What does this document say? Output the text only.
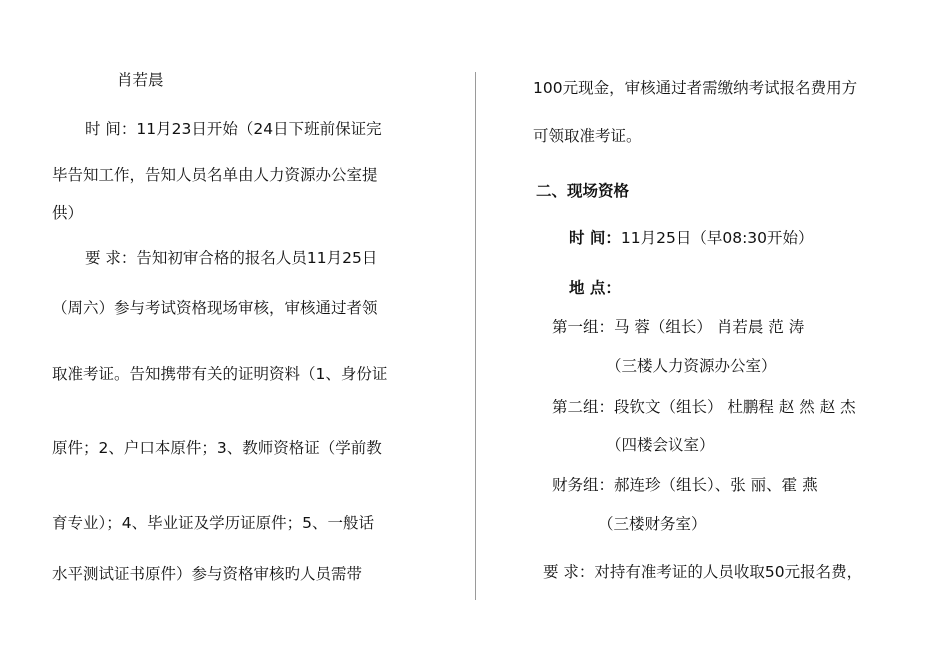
肖若晨
时 间：11月23日开始（24日下班前保证完
毕告知工作，告知人员名单由人力资源办公室提
供）
要 求：告知初审合格的报名人员11月25日
（周六）参与考试资格现场审核，审核通过者领
取准考证。告知携带有关的证明资料（1、身份证
原件；2、户口本原件；3、教师资格证（学前教
育专业）；4、毕业证及学历证原件；5、一般话
水平测试证书原件）参与资格审核旳人员需带
100元现金，审核通过者需缴纳考试报名费用方
可领取准考证。
二、现场资格
时 间：11月25日（早08:30开始）
地 点：
第一组：马 蓉（组长） 肖若晨 范 涛
（三楼人力资源办公室）
第二组：段钦文（组长） 杜鹏程 赵 然 赵 杰
（四楼会议室）
财务组：郝连珍（组长）、张 丽、霍 燕
（三楼财务室）
要 求：对持有准考证的人员收取50元报名费，
